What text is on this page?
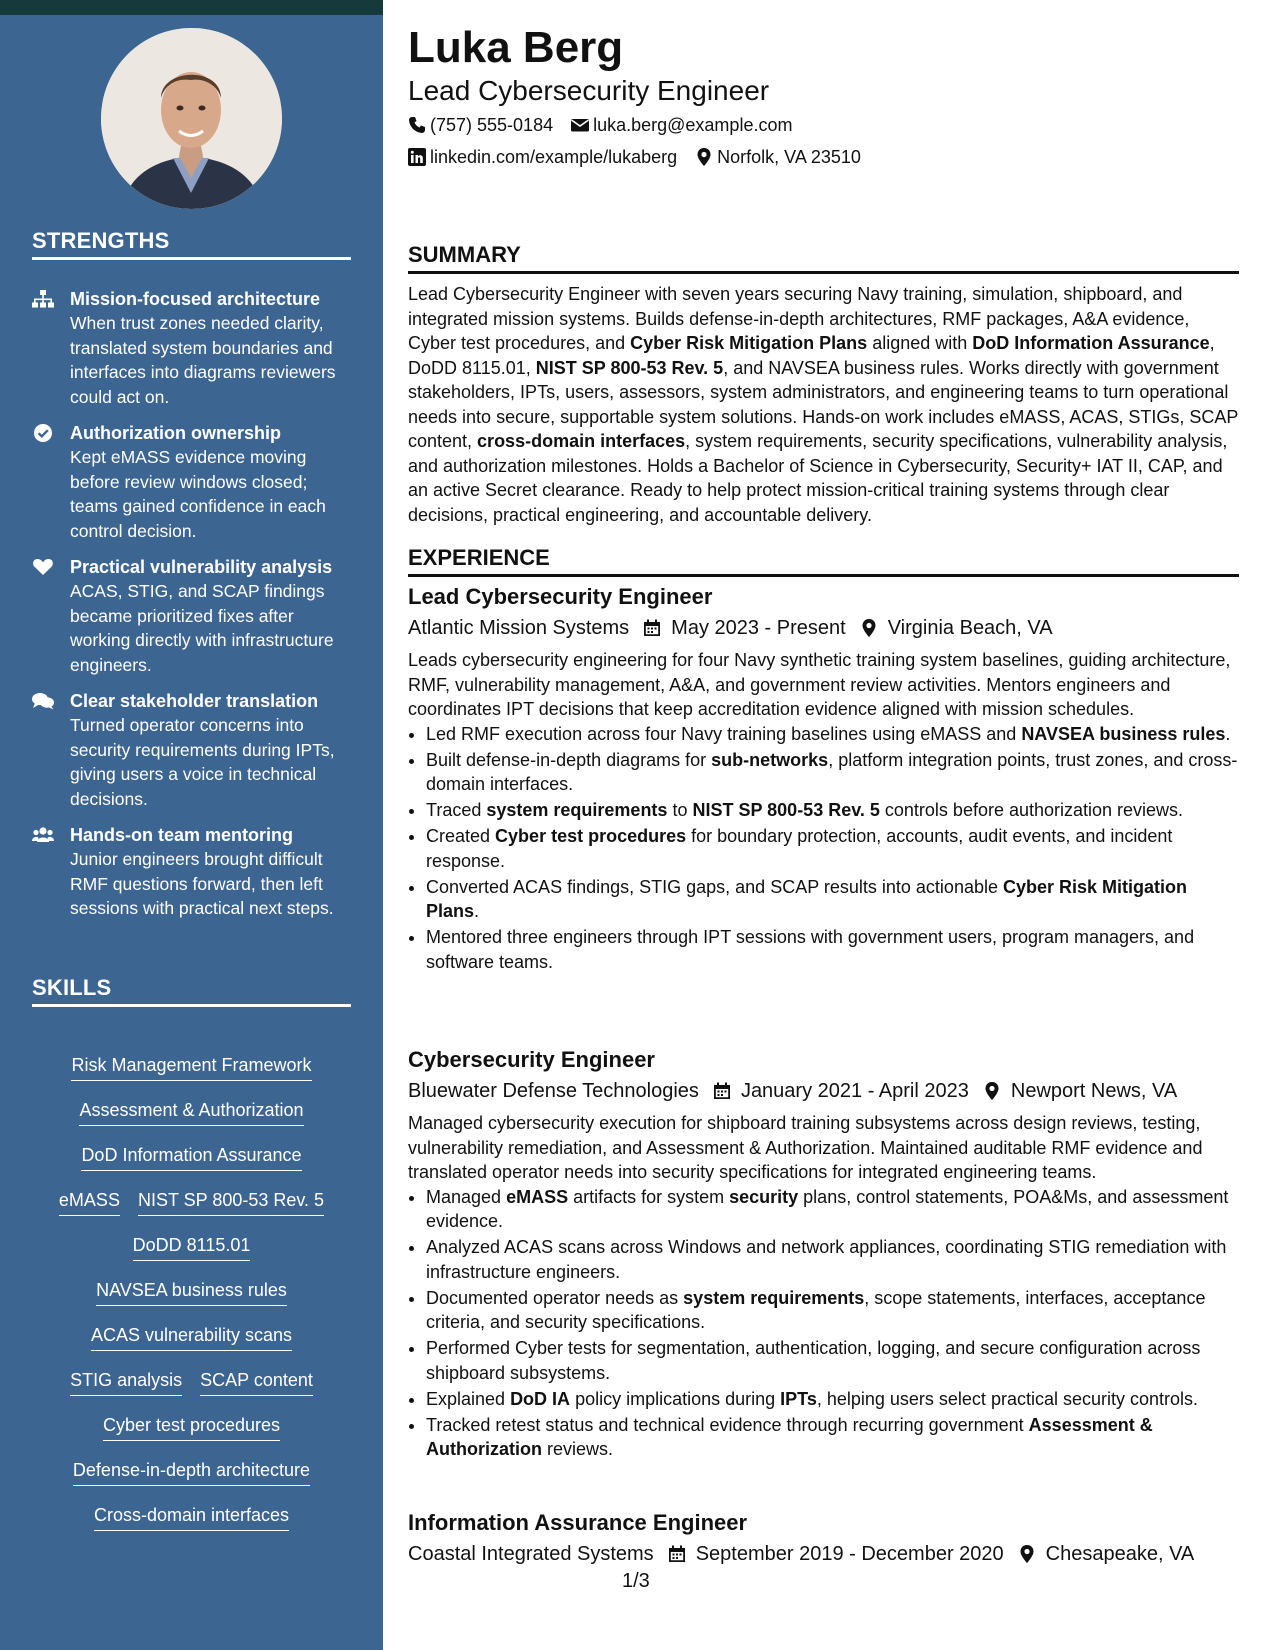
STRENGTHS
Mission-focused architecture
When trust zones needed clarity, translated system boundaries and interfaces into diagrams reviewers could act on.
Authorization ownership
Kept eMASS evidence moving before review windows closed; teams gained confidence in each control decision.
Practical vulnerability analysis
ACAS, STIG, and SCAP findings became prioritized fixes after working directly with infrastructure engineers.
Clear stakeholder translation
Turned operator concerns into security requirements during IPTs, giving users a voice in technical decisions.
Hands-on team mentoring
Junior engineers brought difficult RMF questions forward, then left sessions with practical next steps.
SKILLS
Risk Management Framework
Assessment & Authorization
DoD Information Assurance
eMASS NIST SP 800-53 Rev. 5
DoDD 8115.01
NAVSEA business rules
ACAS vulnerability scans
STIG analysis SCAP content
Cyber test procedures
Defense-in-depth architecture
Cross-domain interfaces
Luka Berg
Lead Cybersecurity Engineer
(757) 555-0184 luka.berg@example.com
linkedin.com/example/lukaberg Norfolk, VA 23510
SUMMARY

Lead Cybersecurity Engineer with seven years securing Navy training, simulation, shipboard, and integrated mission systems. Builds defense-in-depth architectures, RMF packages, A&A evidence, Cyber test procedures, and Cyber Risk Mitigation Plans aligned with DoD Information Assurance, DoDD 8115.01, NIST SP 800-53 Rev. 5, and NAVSEA business rules. Works directly with government stakeholders, IPTs, users, assessors, system administrators, and engineering teams to turn operational needs into secure, supportable system solutions. Hands-on work includes eMASS, ACAS, STIGs, SCAP content, cross-domain interfaces, system requirements, security specifications, vulnerability analysis, and authorization milestones. Holds a Bachelor of Science in Cybersecurity, Security+ IAT II, CAP, and an active Secret clearance. Ready to help protect mission-critical training systems through clear decisions, practical engineering, and accountable delivery.

EXPERIENCE
Lead Cybersecurity Engineer
Atlantic Mission Systems May 2023 - Present Virginia Beach, VA

Leads cybersecurity engineering for four Navy synthetic training system baselines, guiding architecture, RMF, vulnerability management, A&A, and government review activities. Mentors engineers and coordinates IPT decisions that keep accreditation evidence aligned with mission schedules.

• Led RMF execution across four Navy training baselines using eMASS and NAVSEA business rules.
• Built defense-in-depth diagrams for sub-networks, platform integration points, trust zones, and cross-domain interfaces.
• Traced system requirements to NIST SP 800-53 Rev. 5 controls before authorization reviews.
• Created Cyber test procedures for boundary protection, accounts, audit events, and incident response.
• Converted ACAS findings, STIG gaps, and SCAP results into actionable Cyber Risk Mitigation Plans.
• Mentored three engineers through IPT sessions with government users, program managers, and software teams.
Cybersecurity Engineer
Bluewater Defense Technologies January 2021 - April 2023 Newport News, VA

Managed cybersecurity execution for shipboard training subsystems across design reviews, testing, vulnerability remediation, and Assessment & Authorization. Maintained auditable RMF evidence and translated operator needs into security specifications for integrated engineering teams.

• Managed eMASS artifacts for system security plans, control statements, POA&Ms, and assessment evidence.
• Analyzed ACAS scans across Windows and network appliances, coordinating STIG remediation with infrastructure engineers.
• Documented operator needs as system requirements, scope statements, interfaces, acceptance criteria, and security specifications.
• Performed Cyber tests for segmentation, authentication, logging, and secure configuration across shipboard subsystems.
• Explained DoD IA policy implications during IPTs, helping users select practical security controls.
• Tracked retest status and technical evidence through recurring government Assessment & Authorization reviews.
Information Assurance Engineer
Coastal Integrated Systems September 2019 - December 2020 Chesapeake, VA
1/3
